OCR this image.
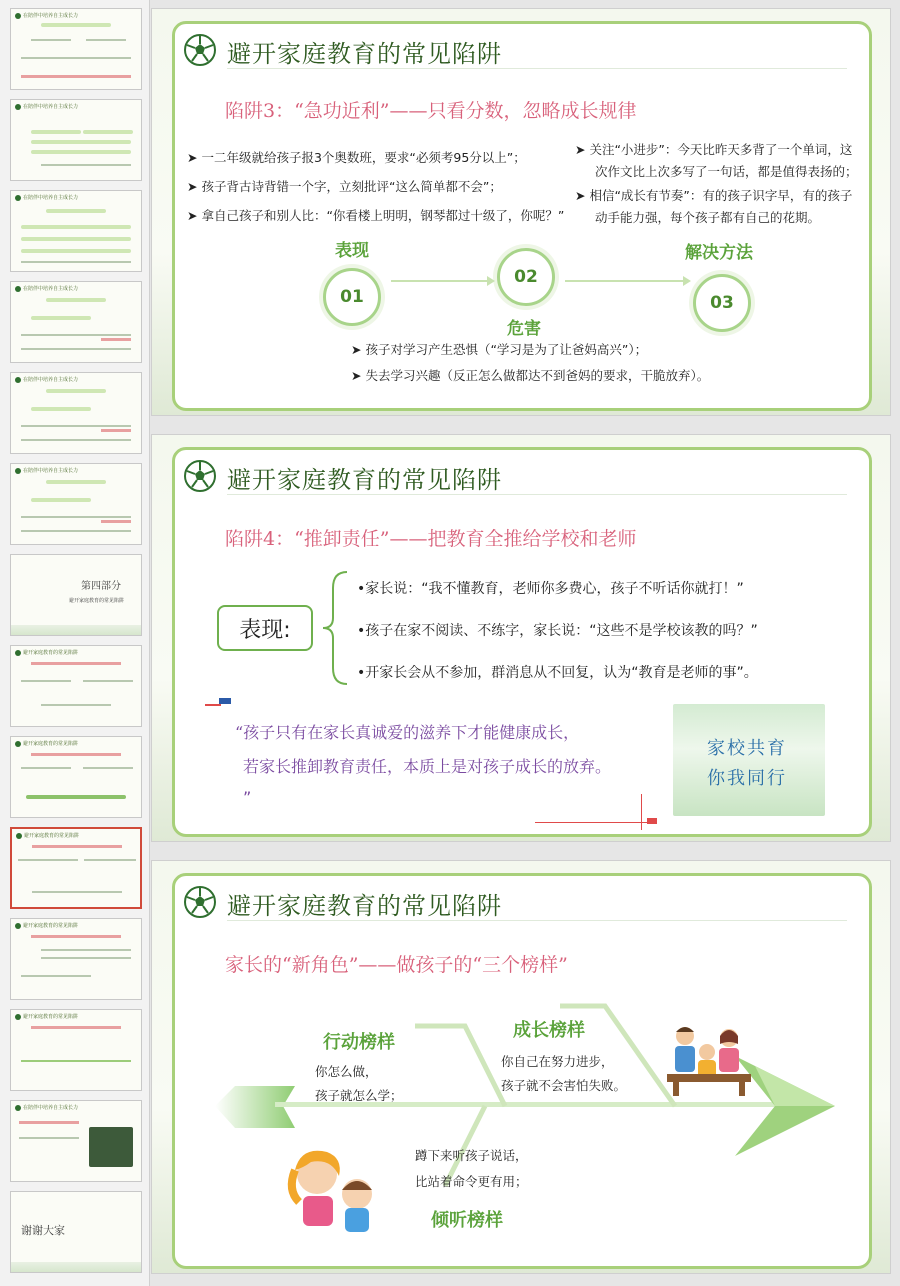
在陪伴中培养自主成长力
在陪伴中培养自主成长力
在陪伴中培养自主成长力
在陪伴中培养自主成长力
在陪伴中培养自主成长力
在陪伴中培养自主成长力
第四部分
避开家庭教育的常见陷阱
避开家庭教育的常见陷阱
避开家庭教育的常见陷阱
避开家庭教育的常见陷阱
避开家庭教育的常见陷阱
避开家庭教育的常见陷阱
在陪伴中培养自主成长力
谢谢大家
避开家庭教育的常见陷阱
陷阱3：“急功近利”——只看分数，忽略成长规律
➤ 一二年级就给孩子报3个奥数班，要求“必须考95分以上”；
➤ 孩子背古诗背错一个字，立刻批评“这么简单都不会”；
➤ 拿自己孩子和别人比：“你看楼上明明，钢琴都过十级了，你呢？”
➤ 关注“小进步”：今天比昨天多背了一个单词，这
次作文比上次多写了一句话，都是值得表扬的；
➤ 相信“成长有节奏”：有的孩子识字早，有的孩子
动手能力强，每个孩子都有自己的花期。
表现
危害
解决方法
01
02
03
➤ 孩子对学习产生恐惧（“学习是为了让爸妈高兴”）；
➤ 失去学习兴趣（反正怎么做都达不到爸妈的要求，干脆放弃）。
避开家庭教育的常见陷阱
陷阱4：“推卸责任”——把教育全推给学校和老师
表现:
•家长说：“我不懂教育，老师你多费心，孩子不听话你就打！”
•孩子在家不阅读、不练字，家长说：“这些不是学校该教的吗？”
•开家长会从不参加，群消息从不回复，认为“教育是老师的事”。
“孩子只有在家长真诚爱的滋养下才能健康成长，
若家长推卸教育责任，本质上是对孩子成长的放弃。
”
家校共育
你我同行
避开家庭教育的常见陷阱
家长的“新角色”——做孩子的“三个榜样”
行动榜样
你怎么做，
孩子就怎么学；
成长榜样
你自己在努力进步，
孩子就不会害怕失败。
蹲下来听孩子说话，
比站着命令更有用；
倾听榜样
